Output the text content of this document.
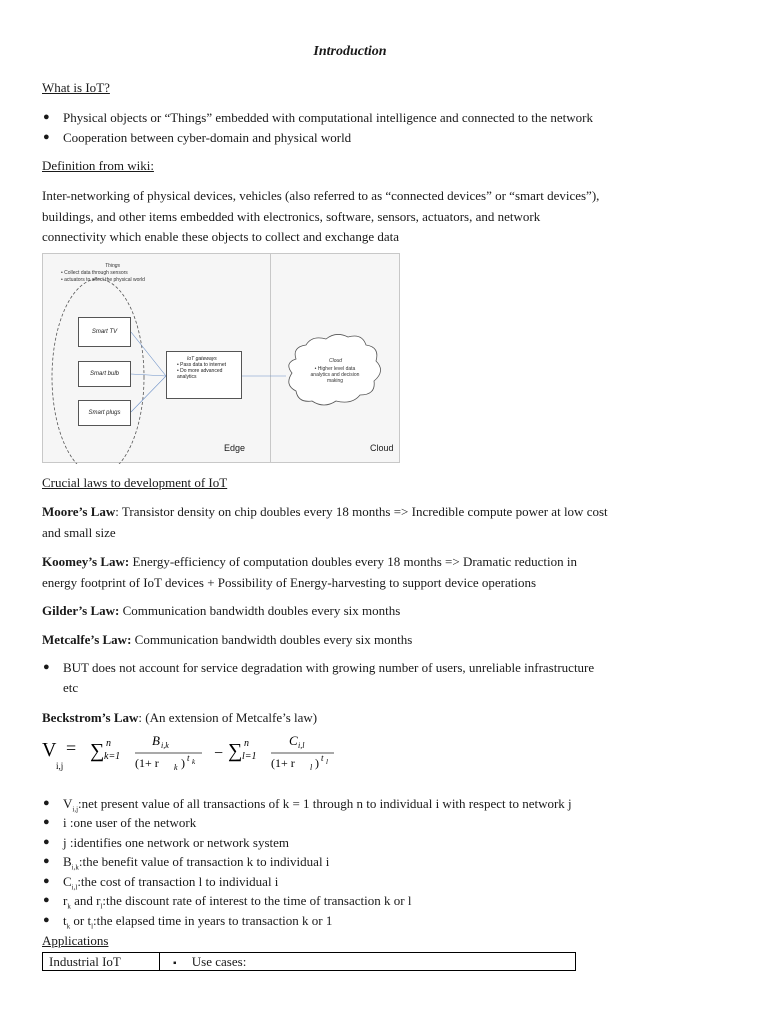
Introduction
What is IoT?
● Physical objects or “Things” embedded with computational intelligence and connected to the network
● Cooperation between cyber-domain and physical world
Definition from wiki:
Inter-networking of physical devices, vehicles (also referred to as “connected devices” or “smart devices”),
buildings, and other items embedded with electronics, software, sensors, actuators, and network
connectivity which enable these objects to collect and exchange data
Things
• Collect data through sensors
• actuators to affect the physical world
Smart TV
Smart bulb
Smart plugs
IoT gateways
• Pass data to internet
• Do more advanced analytics
Cloud
• Higher level data analytics and decision making
Edge	Cloud
Crucial laws to development of IoT
Moore’s Law: Transistor density on chip doubles every 18 months => Incredible compute power at low cost
and small size
Koomey’s Law: Energy-efficiency of computation doubles every 18 months => Dramatic reduction in
energy footprint of IoT devices + Possibility of Energy-harvesting to support device operations
Gilder’s Law: Communication bandwidth doubles every six months
Metcalfe’s Law: Communication bandwidth doubles every six months
● BUT does not account for service degradation with growing number of users, unreliable infrastructure
etc
Beckstrom’s Law: (An extension of Metcalfe’s law)
V
i,j
= ∑ n
k=1
B i,k
(1+ r k ) t k − ∑ n
l=1
C i,l
(1+ r l ) t l
● $V_{i,j}:net$ present value of all transactions of k = 1 through n to individual i with respect to network j
● i :one user of the network
● j :identifies one network or network system
● $B_{i,k}:the$ benefit value of transaction k to individual i
● $C_{i,l}:the$ cost of transaction l to individual i
● $r_k$ and $r_l:the$ discount rate of interest to the time of transaction k or l
● $t_k$ or $t_l:the$ elapsed time in years to transaction k or 1
Applications
Industrial IoT	▪ Use cases:
